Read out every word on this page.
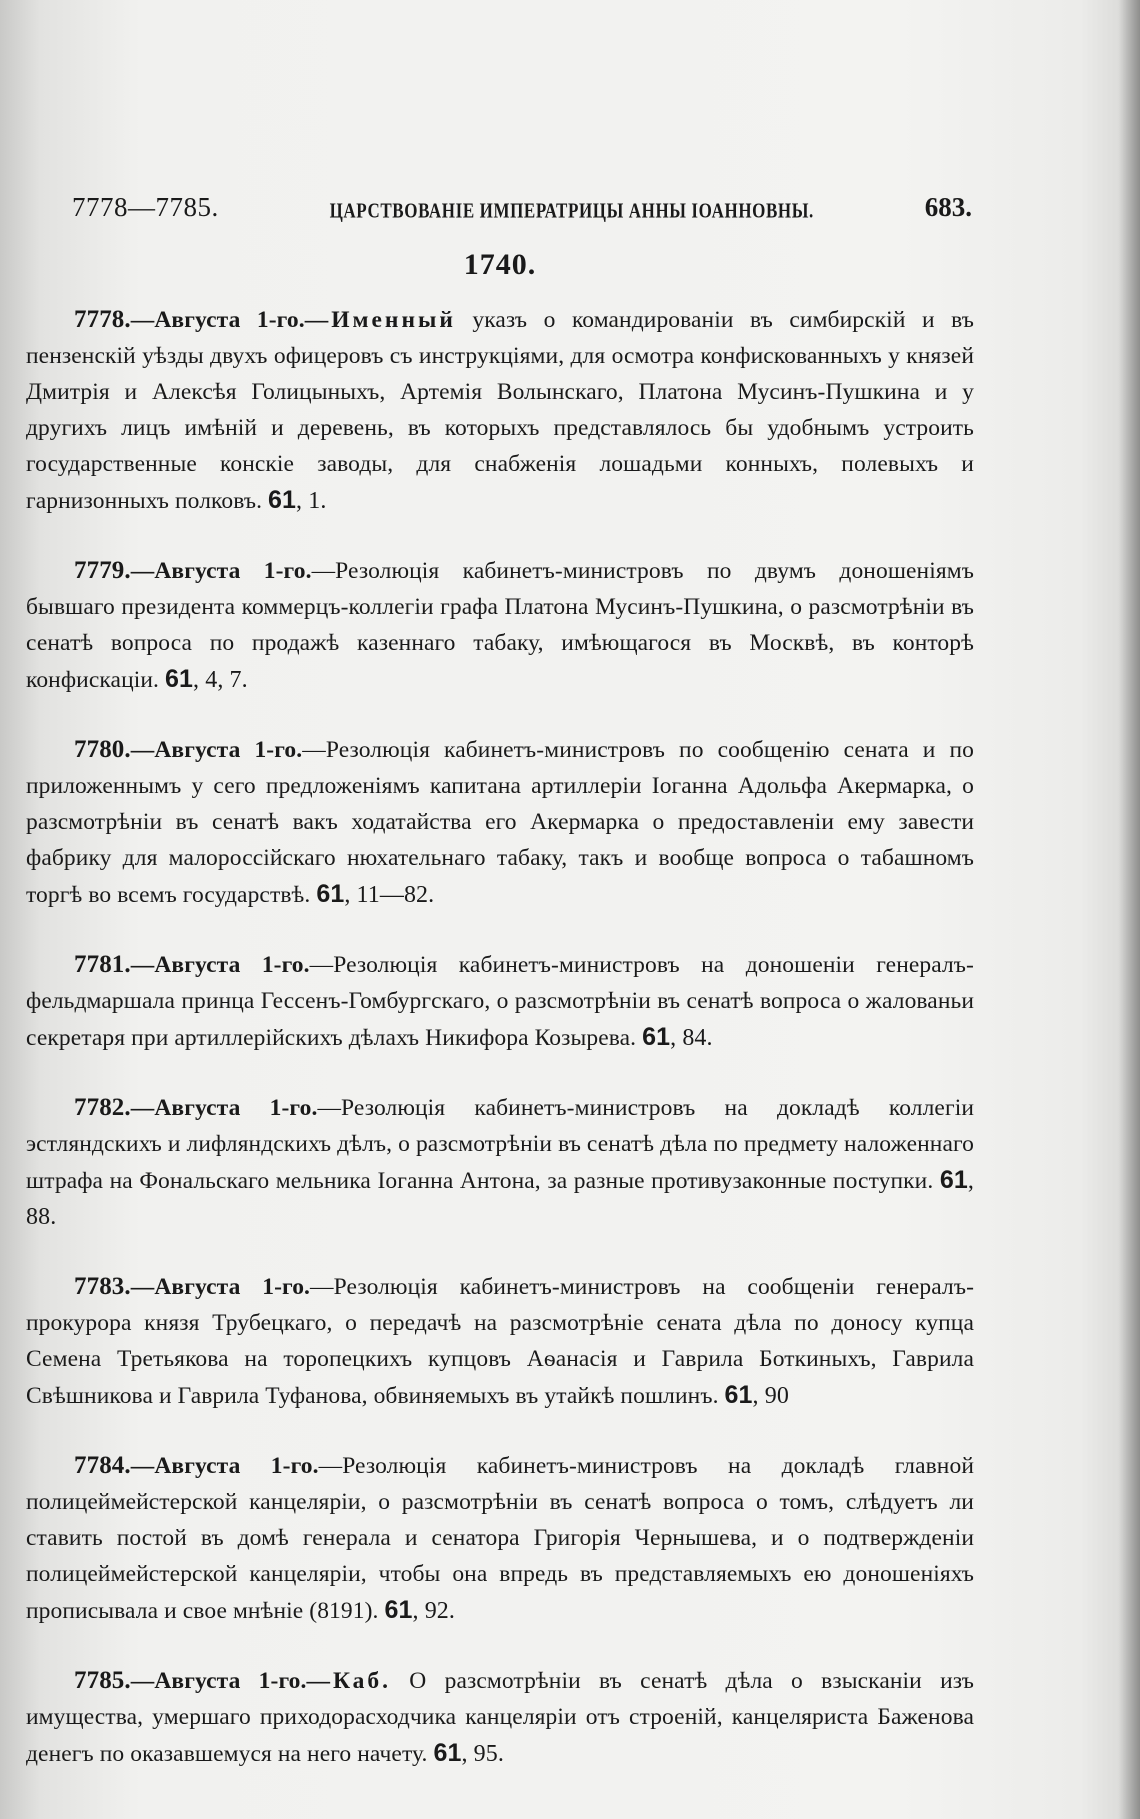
7778—7785.	ЦАРСТВОВАНІЕ ИМПЕРАТРИЦЫ АННЫ ІОАННОВНЫ.	683.
1740.

7778.—Августа 1-го.—Именный указъ о командированіи въ симбирскій и въ пензенскій уѣзды двухъ офицеровъ съ инструкціями, для осмотра конфискованныхъ у князей Дмитрія и Алексѣя Голицыныхъ, Артемія Волынскаго, Платона Мусинъ-Пушкина и у другихъ лицъ имѣній и деревень, въ которыхъ представлялось бы удобнымъ устроить государственные конскіе заводы, для снабженія лошадьми конныхъ, полевыхъ и гарнизонныхъ полковъ. 61, 1.

7779.—Августа 1-го.—Резолюція кабинетъ-министровъ по двумъ доношеніямъ бывшаго президента коммерцъ-коллегіи графа Платона Мусинъ-Пушкина, о разсмотрѣніи въ сенатѣ вопроса по продажѣ казеннаго табаку, имѣющагося въ Москвѣ, въ конторѣ конфискаціи. 61, 4, 7.

7780.—Августа 1-го.—Резолюція кабинетъ-министровъ по сообщенію сената и по приложеннымъ у сего предложеніямъ капитана артиллеріи Іоганна Адольфа Акермарка, о разсмотрѣніи въ сенатѣ вакъ ходатайства его Акермарка о предоставленіи ему завести фабрику для малороссійскаго нюхательнаго табаку, такъ и вообще вопроса о табашномъ торгѣ во всемъ государствѣ. 61, 11—82.

7781.—Августа 1-го.—Резолюція кабинетъ-министровъ на доношеніи генералъ-фельдмаршала принца Гессенъ-Гомбургскаго, о разсмотрѣніи въ сенатѣ вопроса о жалованьи секретаря при артиллерійскихъ дѣлахъ Никифора Козырева. 61, 84.

7782.—Августа 1-го.—Резолюція кабинетъ-министровъ на докладѣ коллегіи эстляндскихъ и лифляндскихъ дѣлъ, о разсмотрѣніи въ сенатѣ дѣла по предмету наложеннаго штрафа на Фональскаго мельника Іоганна Антона, за разные противузаконные поступки. 61, 88.

7783.—Августа 1-го.—Резолюція кабинетъ-министровъ на сообщеніи генералъ-прокурора князя Трубецкаго, о передачѣ на разсмотрѣніе сената дѣла по доносу купца Семена Третьякова на торопецкихъ купцовъ Аѳанасія и Гаврила Боткиныхъ, Гаврила Свѣшникова и Гаврила Туфанова, обвиняемыхъ въ утайкѣ пошлинъ. 61, 90

7784.—Августа 1-го.—Резолюція кабинетъ-министровъ на докладѣ главной полицеймейстерской канцеляріи, о разсмотрѣніи въ сенатѣ вопроса о томъ, слѣдуетъ ли ставить постой въ домѣ генерала и сенатора Григорія Чернышева, и о подтвержденіи полицеймейстерской канцеляріи, чтобы она впредь въ представляемыхъ ею доношеніяхъ прописывала и свое мнѣніе (8191). 61, 92.

7785.—Августа 1-го.—Каб. О разсмотрѣніи въ сенатѣ дѣла о взысканіи изъ имущества, умершаго приходорасходчика канцеляріи отъ строеній, канцеляриста Баженова денегъ по оказавшемуся на него начету. 61, 95.
